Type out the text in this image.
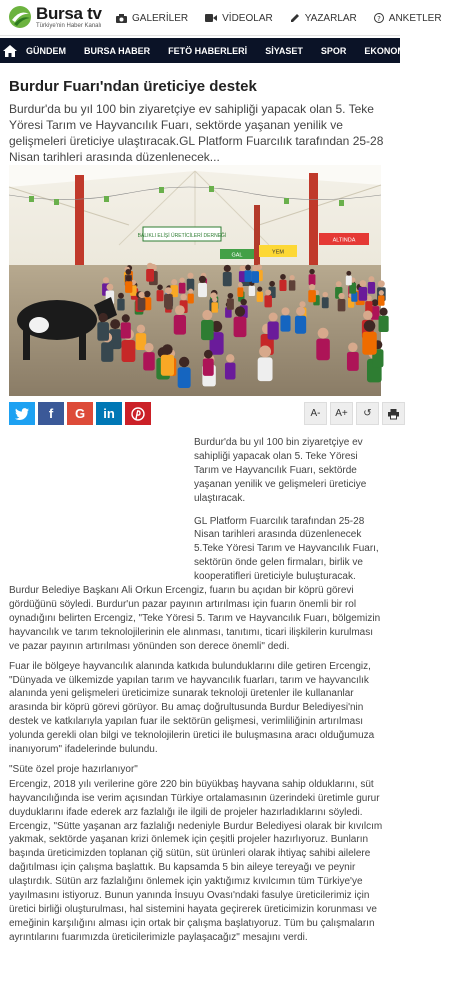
Bursa tv
Türkiye'nin Haber Kanalı
GALERİLER	VİDEOLAR	YAZARLAR	? ANKETLER
GÜNDEM	BURSA HABER	FETÖ HABERLERİ	SİYASET	SPOR	EKONOMİ	DÜNYA
Burdur Fuarı'ndan üreticiye destek

Burdur'da bu yıl 100 bin ziyaretçiye ev sahipliği yapacak olan 5. Teke Yöresi Tarım ve Hayvancılık Fuarı, sektörde yaşanan yenilik ve gelişmeleri üreticiye ulaştıracak.GL Platform Fuarcılık tarafından 25-28 Nisan tarihleri arasında düzenlenecek...

BALIKLI ELİŞİ ÜRETİCİLERİ DERNEĞİ
GAL	YEM
ALTINDA
f G in	A-	A+	↺

Burdur'da bu yıl 100 bin ziyaretçiye ev sahipliği yapacak olan 5. Teke Yöresi Tarım ve Hayvancılık Fuarı, sektörde yaşanan yenilik ve gelişmeleri üreticiye ulaştıracak.

GL Platform Fuarcılık tarafından 25-28 Nisan tarihleri arasında düzenlenecek 5.Teke Yöresi Tarım ve Hayvancılık Fuarı, sektörün önde gelen firmaları, birlik ve kooperatifleri üreticiyle buluşturacak. Burdur Belediye Başkanı Ali Orkun Ercengiz, fuarın bu açıdan bir köprü görevi gördüğünü söyledi. Burdur'un pazar payının artırılması için fuarın önemli bir rol oynadığını belirten Ercengiz, "Teke Yöresi 5. Tarım ve Hayvancılık Fuarı, bölgemizin hayvancılık ve tarım teknolojilerinin ele alınması, tanıtımı, ticari ilişkilerin kurulması ve pazar payının artırılması yönünden son derece önemli" dedi.

Fuar ile bölgeye hayvancılık alanında katkıda bulunduklarını dile getiren Ercengiz, "Dünyada ve ülkemizde yapılan tarım ve hayvancılık fuarları, tarım ve hayvancılık alanında yeni gelişmeleri üreticimize sunarak teknoloji üretenler ile kullananlar arasında bir köprü görevi görüyor. Bu amaç doğrultusunda Burdur Belediyesi'nin destek ve katkılarıyla yapılan fuar ile sektörün gelişmesi, verimliliğinin artırılması yolunda gerekli olan bilgi ve teknolojilerin üretici ile buluşmasına aracı olduğumuza inanıyorum" ifadelerinde bulundu.

"Süte özel proje hazırlanıyor"

Ercengiz, 2018 yılı verilerine göre 220 bin büyükbaş hayvana sahip olduklarını, süt hayvancılığında ise verim açısından Türkiye ortalamasının üzerindeki üretimle gurur duyduklarını ifade ederek arz fazlalığı ile ilgili de projeler hazırladıklarını söyledi. Ercengiz, "Sütte yaşanan arz fazlalığı nedeniyle Burdur Belediyesi olarak bir kıvılcım yakmak, sektörde yaşanan krizi önlemek için çeşitli projeler hazırlıyoruz. Bunların başında üreticimizden toplanan çiğ sütün, süt ürünleri olarak ihtiyaç sahibi ailelere dağıtılması için çalışma başlattık. Bu kapsamda 5 bin aileye tereyağı ve peynir ulaştırdık. Sütün arz fazlalığını önlemek için yaktığımız kıvılcımın tüm Türkiye'ye yayılmasını istiyoruz. Bunun yanında İnsuyu Ovası'ndaki fasulye üreticilerimiz için üretici birliği oluşturulması, hal sistemini hayata geçirerek üreticimizin korunması ve emeğinin karşılığını alması için ortak bir çalışma başlatıyoruz. Tüm bu çalışmaların ayrıntılarını fuarımızda üreticilerimizle paylaşacağız" mesajını verdi.
